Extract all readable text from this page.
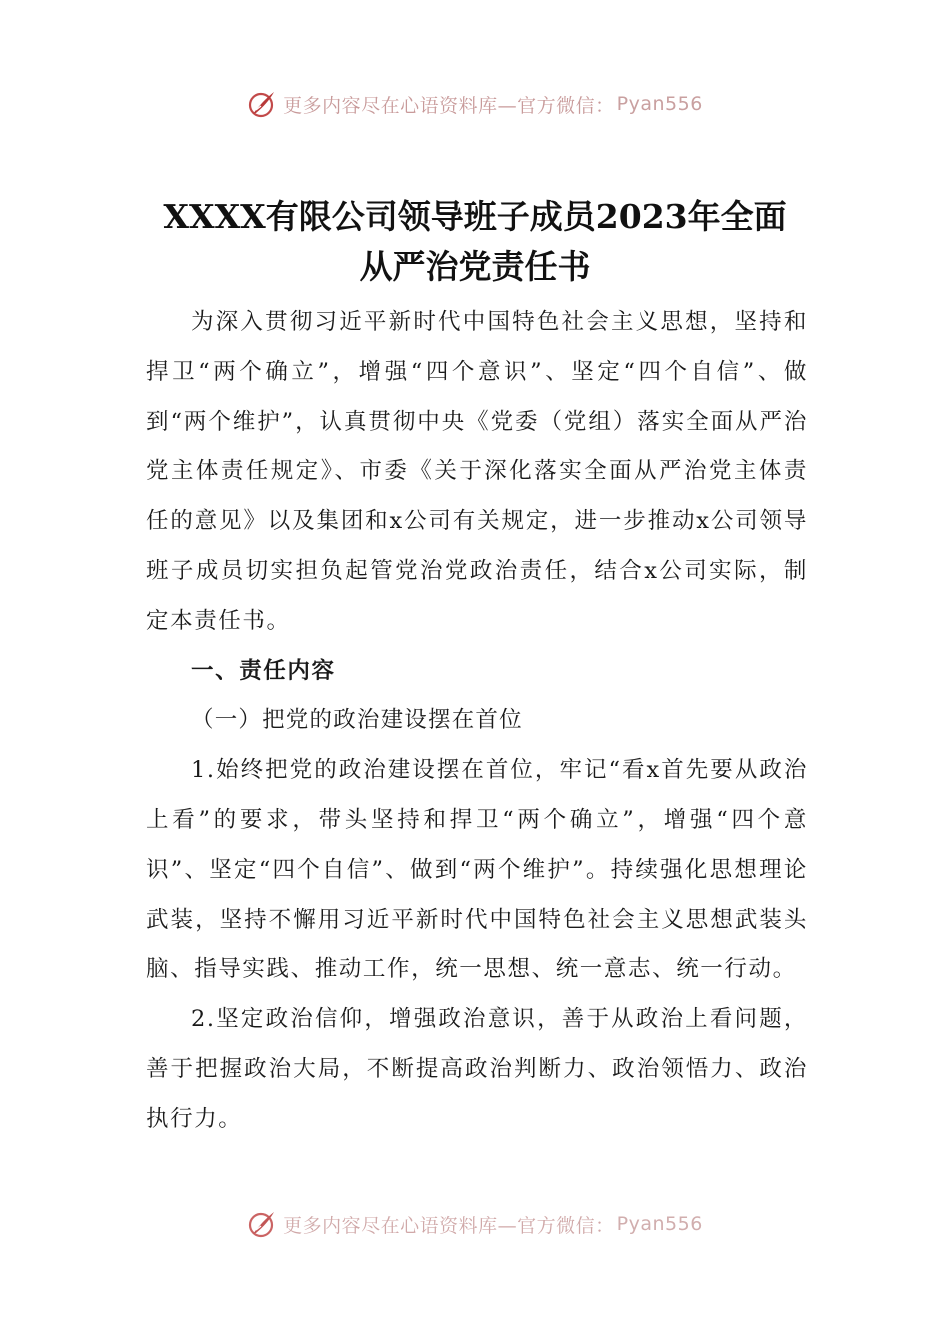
更多内容尽在心语资料库—官方微信： Pyan556
XXXX有限公司领导班子成员2023年全面
从严治党责任书

为深入贯彻习近平新时代中国特色社会主义思想，坚持和捍卫“两个确立”，增强“四个意识”、坚定“四个自信”、做到“两个维护”，认真贯彻中央《党委（党组）落实全面从严治党主体责任规定》、市委《关于深化落实全面从严治党主体责任的意见》以及集团和x公司有关规定，进一步推动x公司领导班子成员切实担负起管党治党政治责任，结合x公司实际，制定本责任书。

一、责任内容

（一）把党的政治建设摆在首位

1.始终把党的政治建设摆在首位，牢记“看x首先要从政治上看”的要求，带头坚持和捍卫“两个确立”，增强“四个意识”、坚定“四个自信”、做到“两个维护”。持续强化思想理论武装，坚持不懈用习近平新时代中国特色社会主义思想武装头脑、指导实践、推动工作，统一思想、统一意志、统一行动。

2.坚定政治信仰，增强政治意识，善于从政治上看问题，善于把握政治大局，不断提高政治判断力、政治领悟力、政治执行力。

更多内容尽在心语资料库—官方微信： Pyan556
